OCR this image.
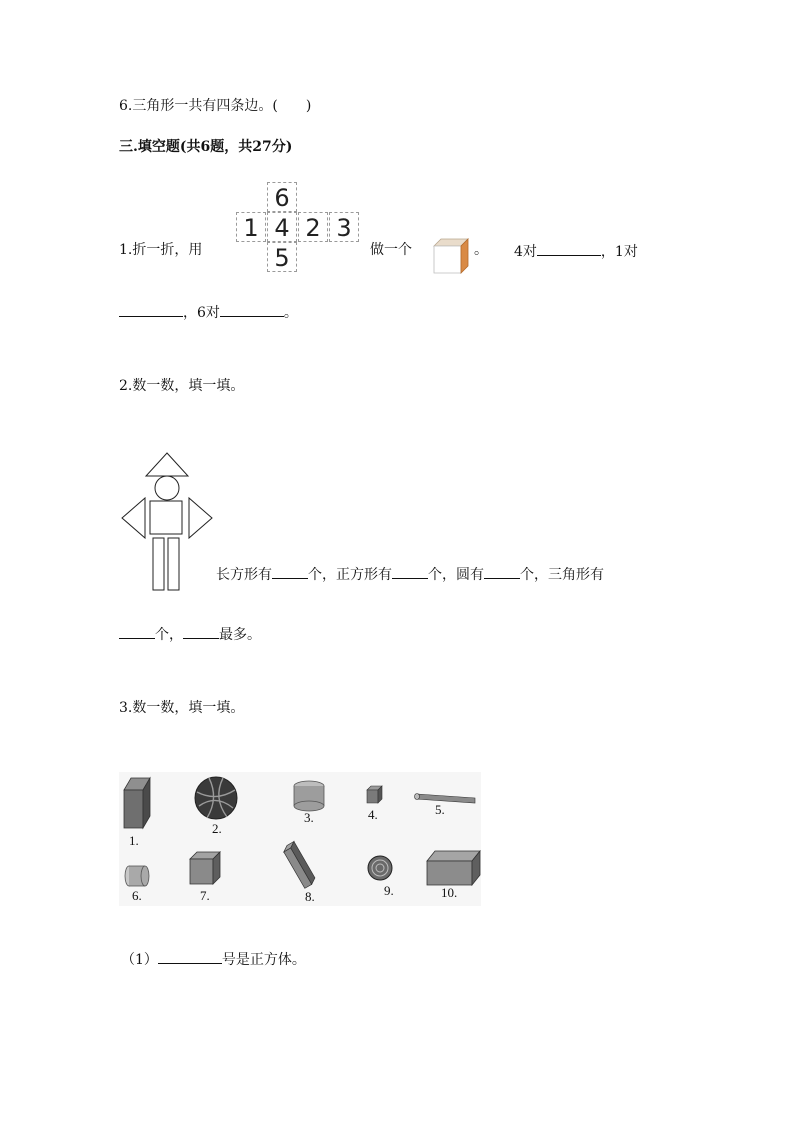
6.三角形一共有四条边。(　　)
三.填空题(共6题，共27分)
1.折一折，用
6
1 4 2 3
5	做一个	。 4对	，1对
，6对	。
2.数一数，填一填。
长方形有	个，正方形有	个，圆有	个，三角形有
个，	最多。
3.数一数，填一填。
1.
2.
3.	4.	5.
6.	7.	8.	9.	10.
（1）	号是正方体。
